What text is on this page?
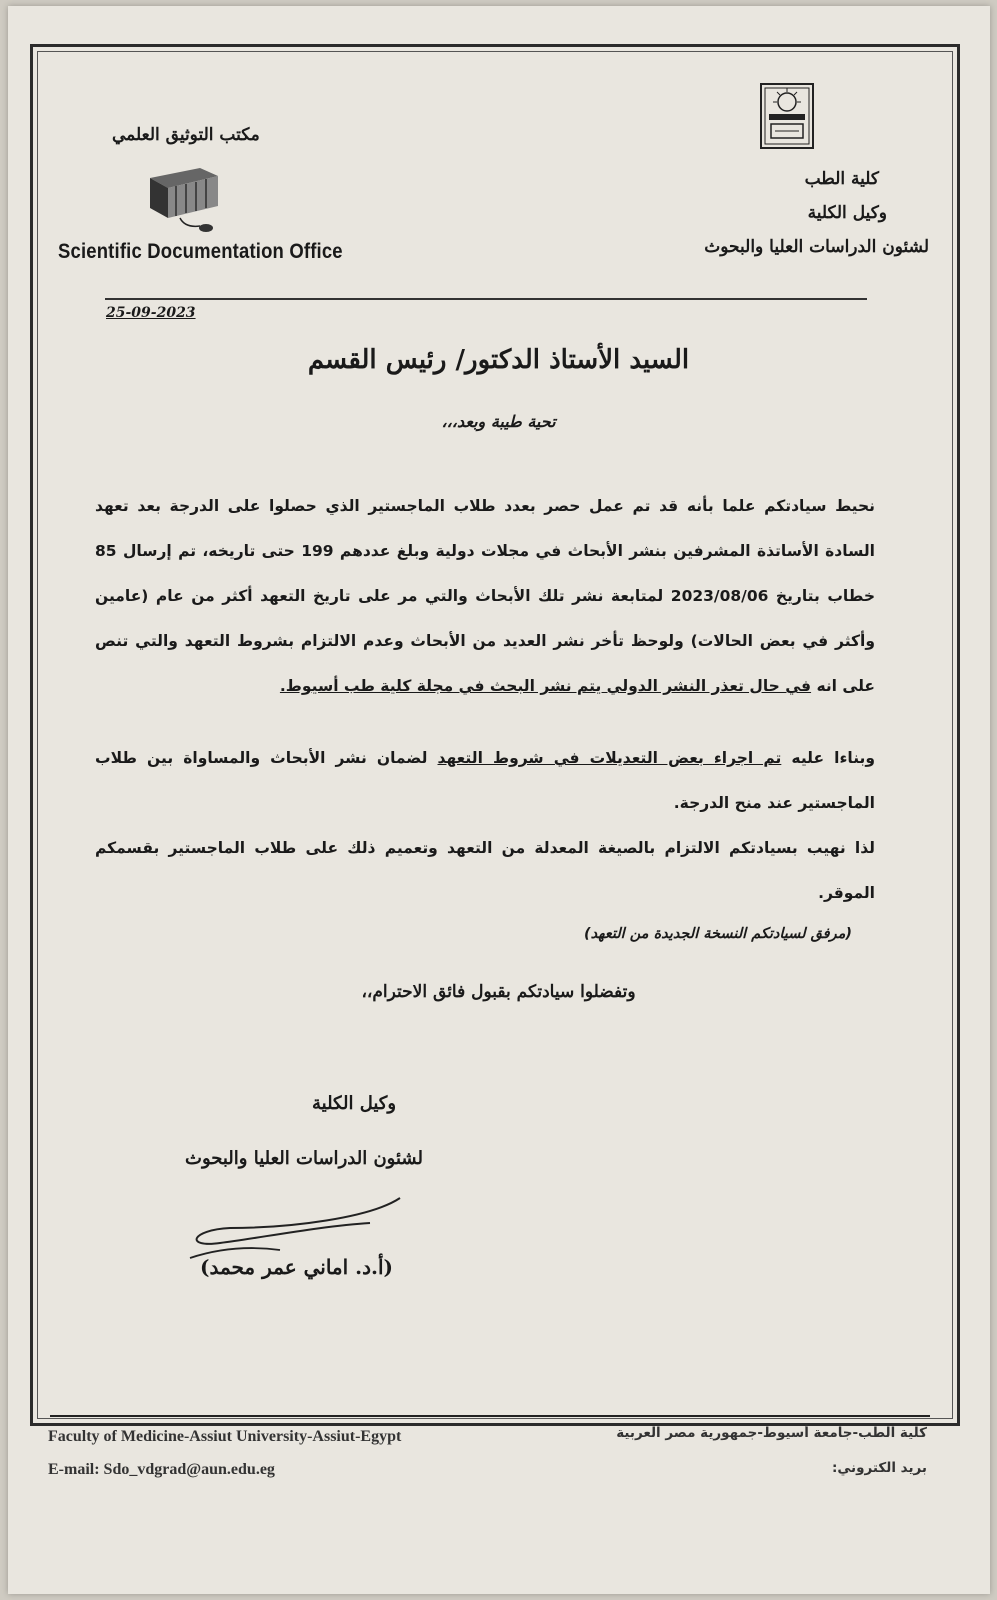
كلية الطب
وكيل الكلية
لشئون الدراسات العليا والبحوث
مكتب التوثيق العلمي
Scientific Documentation Office
25-09-2023
السيد الأستاذ الدكتور/ رئيس القسم
تحية طيبة وبعد،،،
نحيط سيادتكم علما بأنه قد تم عمل حصر بعدد طلاب الماجستير الذي حصلوا على الدرجة بعد تعهد السادة الأساتذة المشرفين بنشر الأبحاث في مجلات دولية وبلغ عددهم 199 حتى تاريخه، تم إرسال 85 خطاب بتاريخ 2023/08/06 لمتابعة نشر تلك الأبحاث والتي مر على تاريخ التعهد أكثر من عام (عامين وأكثر في بعض الحالات) ولوحظ تأخر نشر العديد من الأبحاث وعدم الالتزام بشروط التعهد والتي تنص على انه في حال تعذر النشر الدولي يتم نشر البحث في مجلة كلية طب أسيوط.
وبناءا عليه تم اجراء بعض التعديلات في شروط التعهد لضمان نشر الأبحاث والمساواة بين طلاب الماجستير عند منح الدرجة.
لذا نهيب بسيادتكم الالتزام بالصيغة المعدلة من التعهد وتعميم ذلك على طلاب الماجستير بقسمكم الموقر.
(مرفق لسيادتكم النسخة الجديدة من التعهد)
وتفضلوا سيادتكم بقبول فائق الاحترام،،
وكيل الكلية
لشئون الدراسات العليا والبحوث
(أ.د. اماني عمر محمد)
Faculty of Medicine-Assiut University-Assiut-Egypt
E-mail: Sdo_vdgrad@aun.edu.eg
كلية الطب-جامعة أسيوط-جمهورية مصر العربية
بريد الكتروني:
